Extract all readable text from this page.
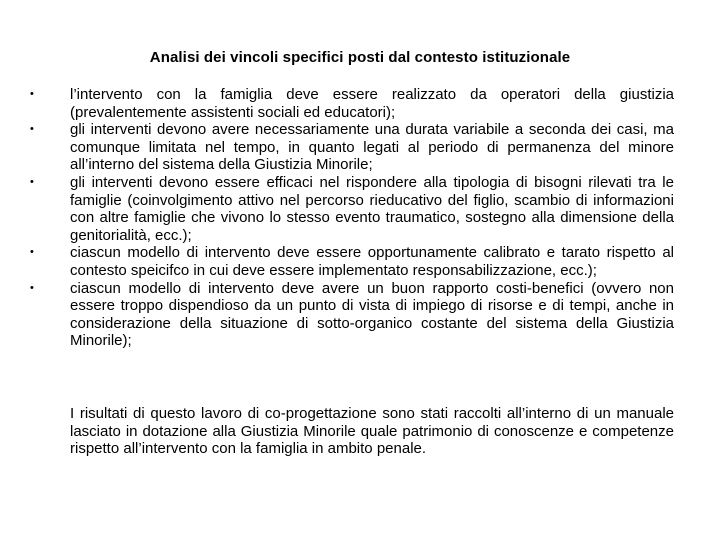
Analisi dei vincoli specifici posti dal contesto istituzionale
•	l’intervento con la famiglia deve essere realizzato da operatori della giustizia (prevalentemente assistenti sociali ed educatori);
•	gli interventi devono avere necessariamente una durata variabile a seconda dei casi, ma comunque limitata nel tempo, in quanto legati al periodo di permanenza del minore all’interno del sistema della Giustizia Minorile;
•	gli interventi devono essere efficaci nel rispondere alla tipologia di bisogni rilevati tra le famiglie (coinvolgimento attivo nel percorso rieducativo del figlio, scambio di informazioni con altre famiglie che vivono lo stesso evento traumatico, sostegno alla dimensione della genitorialità, ecc.);
•	ciascun modello di intervento deve essere opportunamente calibrato e tarato rispetto al contesto speicifco in cui deve essere implementato responsabilizzazione, ecc.);
•	ciascun modello di intervento deve avere un buon rapporto costi-benefici (ovvero non essere troppo dispendioso da un punto di vista di impiego di risorse e di tempi, anche in considerazione della situazione di sotto-organico costante del sistema della Giustizia Minorile);

I risultati di questo lavoro di co-progettazione sono stati raccolti all’interno di un manuale lasciato in dotazione alla Giustizia Minorile quale patrimonio di conoscenze e competenze rispetto all’intervento con la famiglia in ambito penale.
